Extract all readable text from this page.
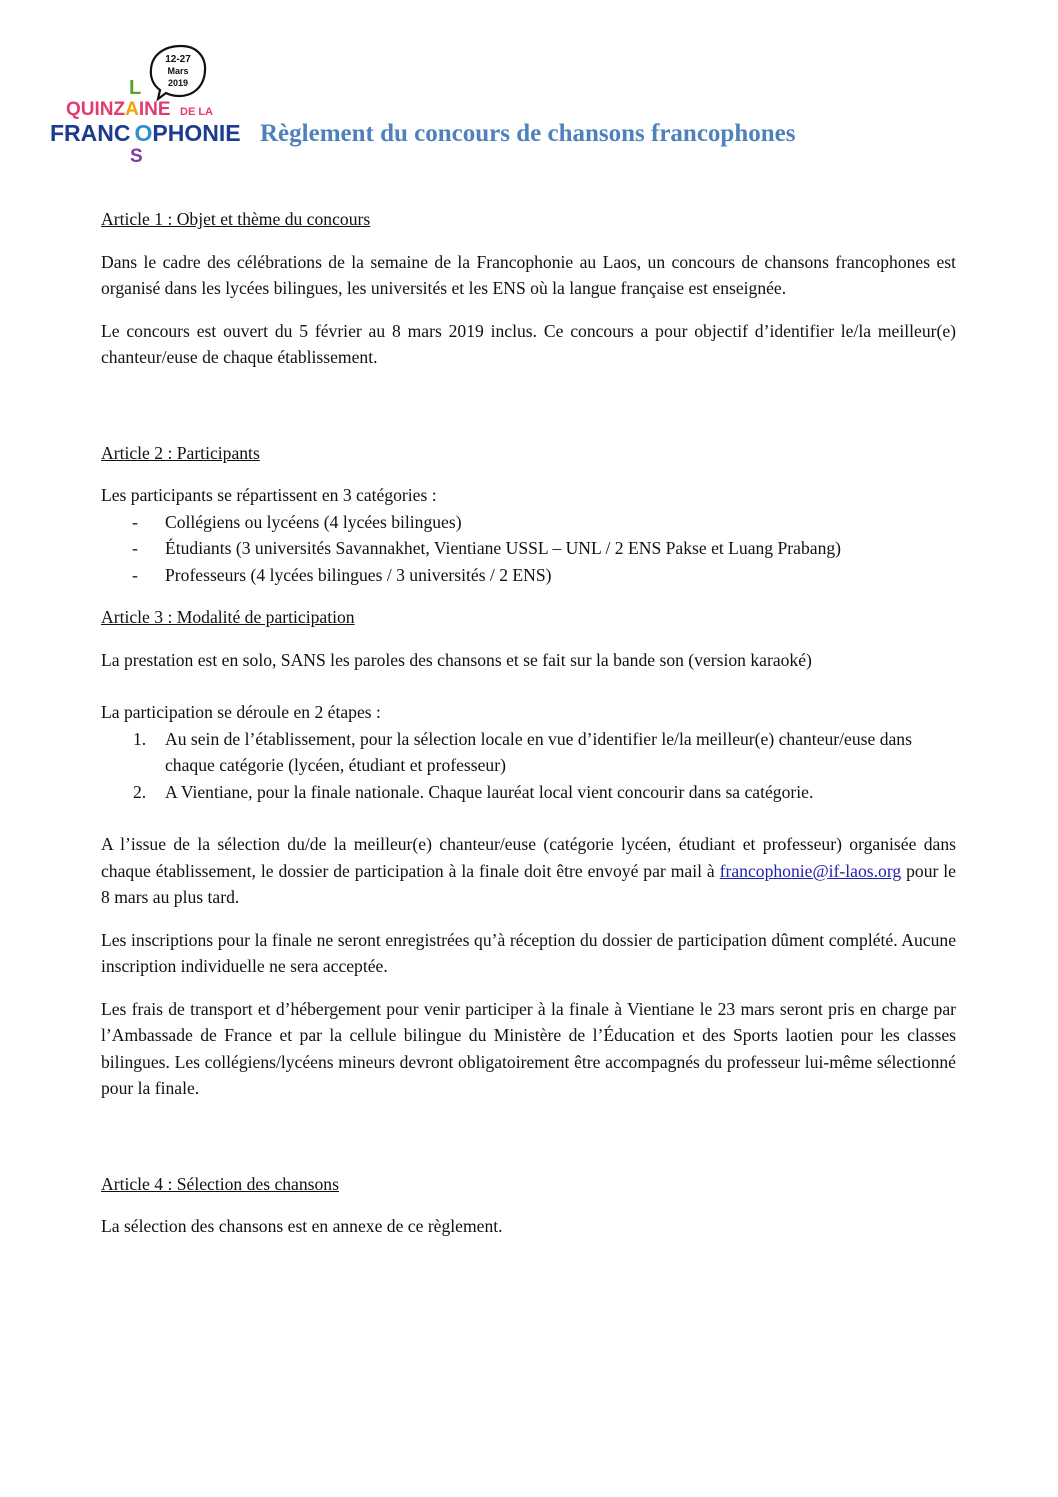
12-27
Mars
2019
L
QUINZAINE DE LA
FRANC OPHONIE
S
Règlement du concours de chansons francophones

Article 1 : Objet et thème du concours

Dans le cadre des célébrations de la semaine de la Francophonie au Laos, un concours de chansons francophones est organisé dans les lycées bilingues, les universités et les ENS où la langue française est enseignée.

Le concours est ouvert du 5 février au 8 mars 2019 inclus. Ce concours a pour objectif d’identifier le/la meilleur(e) chanteur/euse de chaque établissement.

Article 2 : Participants

Les participants se répartissent en 3 catégories :

- Collégiens ou lycéens (4 lycées bilingues)
- Étudiants (3 universités Savannakhet, Vientiane USSL – UNL / 2 ENS Pakse et Luang Prabang)
- Professeurs (4 lycées bilingues / 3 universités / 2 ENS)

Article 3 : Modalité de participation

La prestation est en solo, SANS les paroles des chansons et se fait sur la bande son (version karaoké)

La participation se déroule en 2 étapes :

1. Au sein de l’établissement, pour la sélection locale en vue d’identifier le/la meilleur(e) chanteur/euse dans chaque catégorie (lycéen, étudiant et professeur)
2. A Vientiane, pour la finale nationale. Chaque lauréat local vient concourir dans sa catégorie.

A l’issue de la sélection du/de la meilleur(e) chanteur/euse (catégorie lycéen, étudiant et professeur) organisée dans chaque établissement, le dossier de participation à la finale doit être envoyé par mail à francophonie@if-laos.org pour le 8 mars au plus tard.

Les inscriptions pour la finale ne seront enregistrées qu’à réception du dossier de participation dûment complété. Aucune inscription individuelle ne sera acceptée.

Les frais de transport et d’hébergement pour venir participer à la finale à Vientiane le 23 mars seront pris en charge par l’Ambassade de France et par la cellule bilingue du Ministère de l’Éducation et des Sports laotien pour les classes bilingues. Les collégiens/lycéens mineurs devront obligatoirement être accompagnés du professeur lui-même sélectionné pour la finale.

Article 4 : Sélection des chansons

La sélection des chansons est en annexe de ce règlement.
